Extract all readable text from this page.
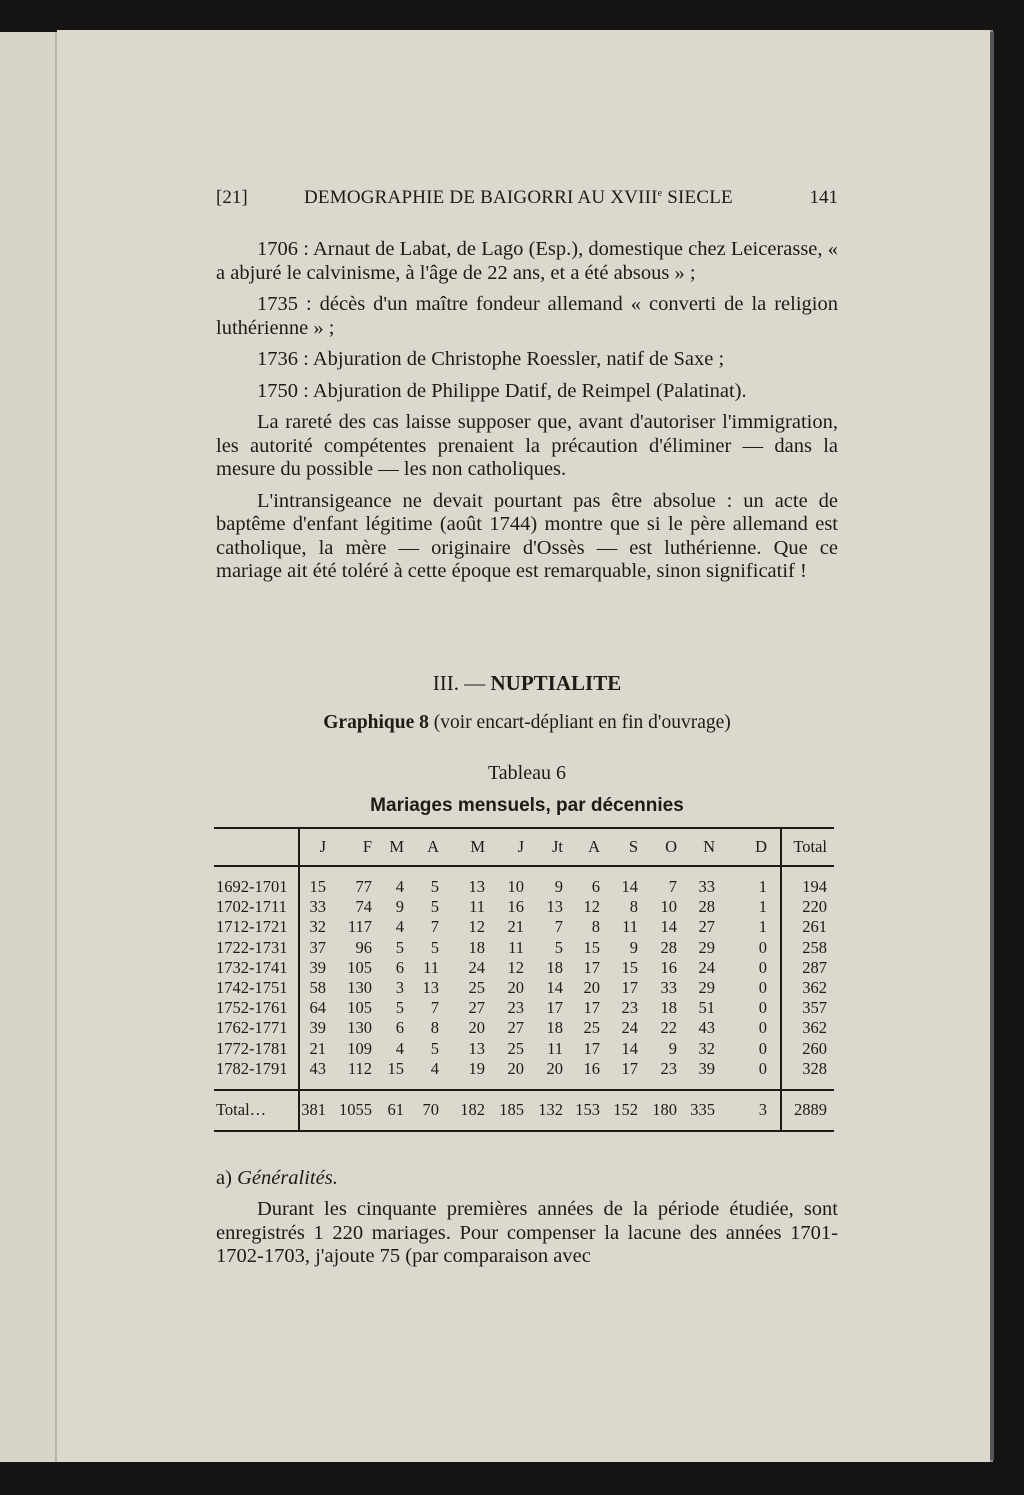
[21]	DEMOGRAPHIE DE BAIGORRI AU XVIIIe SIECLE	141

1706 : Arnaut de Labat, de Lago (Esp.), domestique chez Leicerasse, « a abjuré le calvinisme, à l'âge de 22 ans, et a été absous » ;

1735 : décès d'un maître fondeur allemand « converti de la religion luthérienne » ;

1736 : Abjuration de Christophe Roessler, natif de Saxe ;

1750 : Abjuration de Philippe Datif, de Reimpel (Palatinat).

La rareté des cas laisse supposer que, avant d'autoriser l'immigration, les autorité compétentes prenaient la précaution d'éliminer — dans la mesure du possible — les non catholiques.

L'intransigeance ne devait pourtant pas être absolue : un acte de baptême d'enfant légitime (août 1744) montre que si le père allemand est catholique, la mère — originaire d'Ossès — est luthérienne. Que ce mariage ait été toléré à cette époque est remarquable, sinon significatif !

III. — NUPTIALITE
Graphique 8 (voir encart-dépliant en fin d'ouvrage)
Tableau 6
Mariages mensuels, par décennies
J F M A M J Jt A S O N D Total
1692-1701 15 77 4 5 13 10 9 6 14 7 33	1 194
1702-1711 33 74 9 5 11 16 13 12 8 10 28	1 220
1712-1721 32 117 4 7 12 21 7 8 11 14 27	1 261
1722-1731 37 96 5 5 18 11 5 15 9 28 29	0 258
1732-1741 39 105 6 11 24 12 18 17 15 16 24	0 287
1742-1751 58 130 3 13 25 20 14 20 17 33 29	0 362
1752-1761 64 105 5 7 27 23 17 17 23 18 51	0 357
1762-1771 39 130 6 8 20 27 18 25 24 22 43	0 362
1772-1781 21 109 4 5 13 25 11 17 14 9 32	0 260
1782-1791 43 112 15 4 19 20 20 16 17 23 39	0 328
Total… 381 1055 61 70 182 185 132 153 152 180 335	3 2889
a) Généralités.

Durant les cinquante premières années de la période étudiée, sont enregistrés 1 220 mariages. Pour compenser la lacune des années 1701-1702-1703, j'ajoute 75 (par comparaison avec
